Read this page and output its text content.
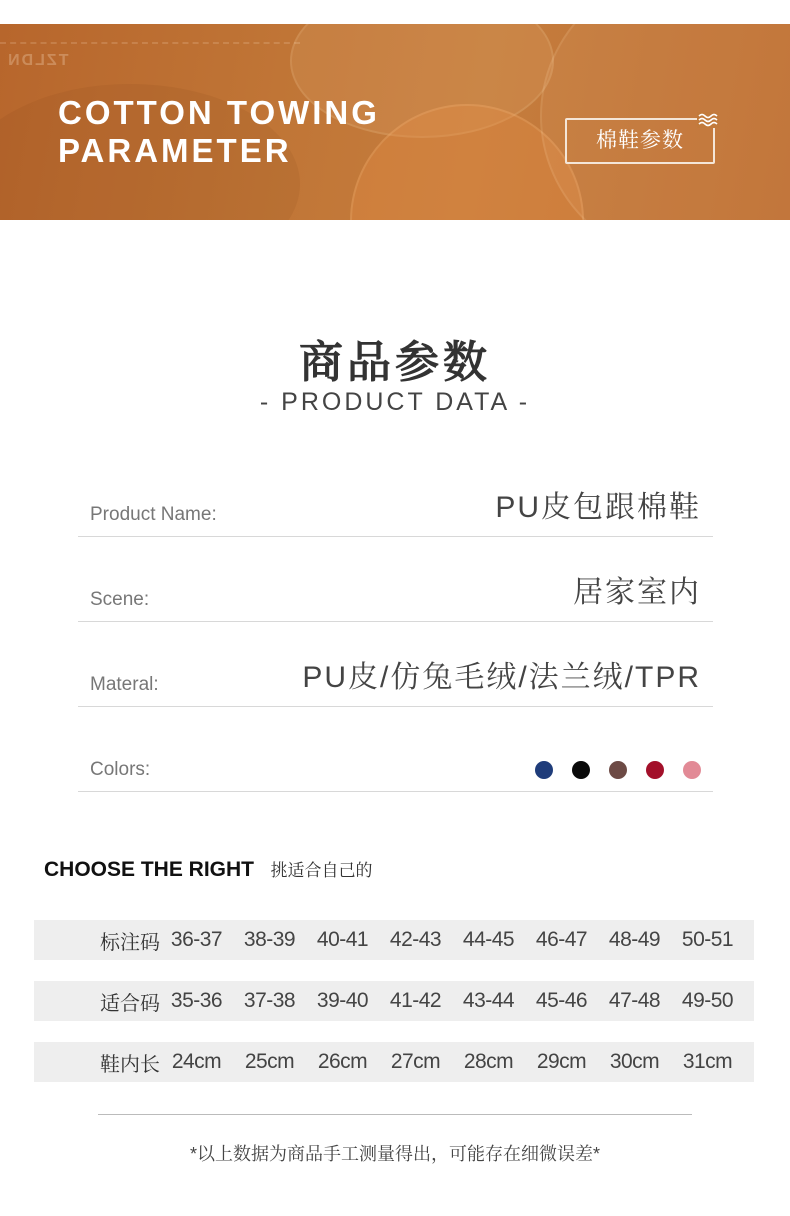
TZLDN
COTTON TOWING
PARAMETER	棉鞋参数
商品参数
- PRODUCT DATA -
Product Name:	PU皮包跟棉鞋
Scene:	居家室内
Materal:	PU皮/仿兔毛绒/法兰绒/TPR
Colors:
CHOOSE THE RIGHT 挑适合自己的
标注码 36-37	38-39	40-41	42-43	44-45	46-47	48-49	50-51
适合码 35-36	37-38	39-40	41-42	43-44	45-46	47-48	49-50
鞋内长 24cm	25cm	26cm	27cm	28cm	29cm	30cm	31cm
*以上数据为商品手工测量得出，可能存在细微误差*
